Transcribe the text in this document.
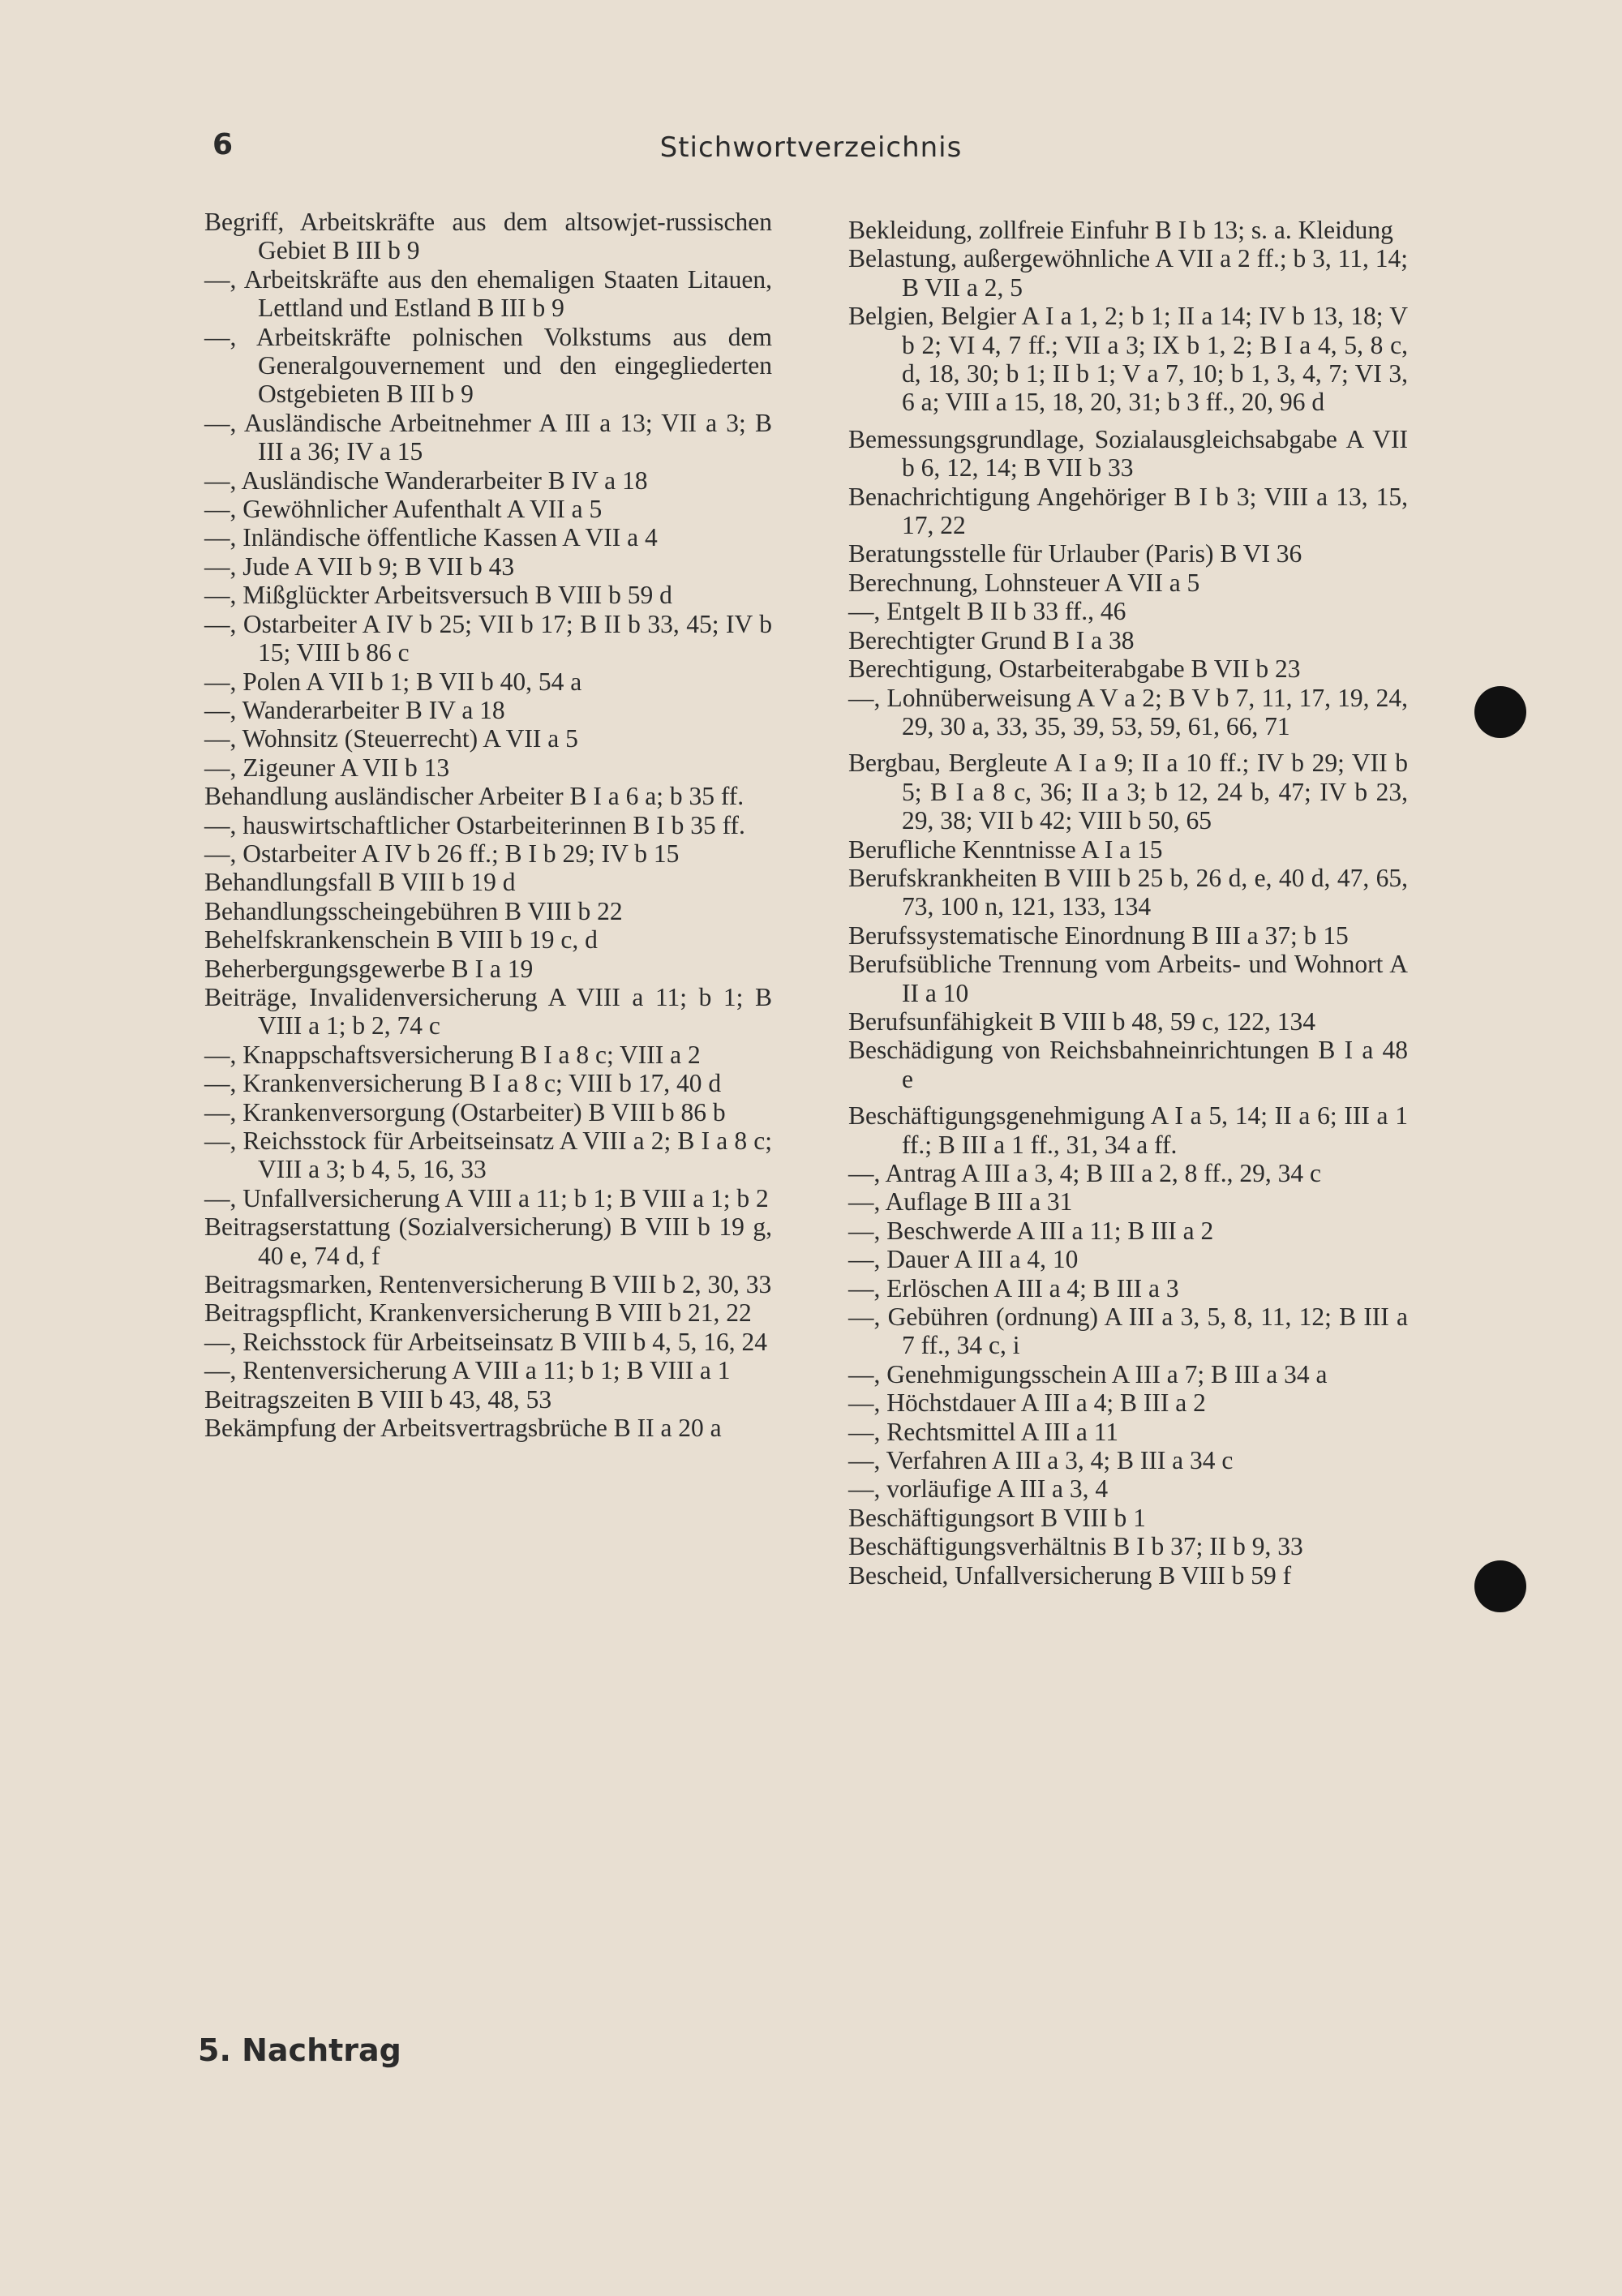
6	Stichwortverzeichnis

Begriff, Arbeitskräfte aus dem altsowjet-russischen Gebiet B III b 9

—, Arbeitskräfte aus den ehemaligen Staaten Litauen, Lettland und Estland B III b 9

—, Arbeitskräfte polnischen Volkstums aus dem Generalgouvernement und den eingegliederten Ostgebieten B III b 9

—, Ausländische Arbeitnehmer A III a 13; VII a 3; B III a 36; IV a 15

—, Ausländische Wanderarbeiter B IV a 18

—, Gewöhnlicher Aufenthalt A VII a 5

—, Inländische öffentliche Kassen A VII a 4

—, Jude A VII b 9; B VII b 43

—, Mißglückter Arbeitsversuch B VIII b 59 d

—, Ostarbeiter A IV b 25; VII b 17; B II b 33, 45; IV b 15; VIII b 86 c

—, Polen A VII b 1; B VII b 40, 54 a

—, Wanderarbeiter B IV a 18

—, Wohnsitz (Steuerrecht) A VII a 5

—, Zigeuner A VII b 13

Behandlung ausländischer Arbeiter B I a 6 a; b 35 ff.

—, hauswirtschaftlicher Ostarbeiterinnen B I b 35 ff.

—, Ostarbeiter A IV b 26 ff.; B I b 29; IV b 15

Behandlungsfall B VIII b 19 d

Behandlungsscheingebühren B VIII b 22

Behelfskrankenschein B VIII b 19 c, d

Beherbergungsgewerbe B I a 19

Beiträge, Invalidenversicherung A VIII a 11; b 1; B VIII a 1; b 2, 74 c

—, Knappschaftsversicherung B I a 8 c; VIII a 2

—, Krankenversicherung B I a 8 c; VIII b 17, 40 d

—, Krankenversorgung (Ostarbeiter) B VIII b 86 b

—, Reichsstock für Arbeitseinsatz A VIII a 2; B I a 8 c; VIII a 3; b 4, 5, 16, 33

—, Unfallversicherung A VIII a 11; b 1; B VIII a 1; b 2

Beitragserstattung (Sozialversicherung) B VIII b 19 g, 40 e, 74 d, f

Beitragsmarken, Rentenversicherung B VIII b 2, 30, 33

Beitragspflicht, Krankenversicherung B VIII b 21, 22

—, Reichsstock für Arbeitseinsatz B VIII b 4, 5, 16, 24

—, Rentenversicherung A VIII a 11; b 1; B VIII a 1

Beitragszeiten B VIII b 43, 48, 53

Bekämpfung der Arbeitsvertragsbrüche B II a 20 a

Bekleidung, zollfreie Einfuhr B I b 13; s. a. Kleidung

Belastung, außergewöhnliche A VII a 2 ff.; b 3, 11, 14; B VII a 2, 5

Belgien, Belgier A I a 1, 2; b 1; II a 14; IV b 13, 18; V b 2; VI 4, 7 ff.; VII a 3; IX b 1, 2; B I a 4, 5, 8 c, d, 18, 30; b 1; II b 1; V a 7, 10; b 1, 3, 4, 7; VI 3, 6 a; VIII a 15, 18, 20, 31; b 3 ff., 20, 96 d

Bemessungsgrundlage, Sozialausgleichsabgabe A VII b 6, 12, 14; B VII b 33

Benachrichtigung Angehöriger B I b 3; VIII a 13, 15, 17, 22

Beratungsstelle für Urlauber (Paris) B VI 36

Berechnung, Lohnsteuer A VII a 5

—, Entgelt B II b 33 ff., 46

Berechtigter Grund B I a 38

Berechtigung, Ostarbeiterabgabe B VII b 23

—, Lohnüberweisung A V a 2; B V b 7, 11, 17, 19, 24, 29, 30 a, 33, 35, 39, 53, 59, 61, 66, 71

Bergbau, Bergleute A I a 9; II a 10 ff.; IV b 29; VII b 5; B I a 8 c, 36; II a 3; b 12, 24 b, 47; IV b 23, 29, 38; VII b 42; VIII b 50, 65

Berufliche Kenntnisse A I a 15

Berufskrankheiten B VIII b 25 b, 26 d, e, 40 d, 47, 65, 73, 100 n, 121, 133, 134

Berufssystematische Einordnung B III a 37; b 15

Berufsübliche Trennung vom Arbeits- und Wohnort A II a 10

Berufsunfähigkeit B VIII b 48, 59 c, 122, 134

Beschädigung von Reichsbahneinrichtungen B I a 48 e

Beschäftigungsgenehmigung A I a 5, 14; II a 6; III a 1 ff.; B III a 1 ff., 31, 34 a ff.

—, Antrag A III a 3, 4; B III a 2, 8 ff., 29, 34 c

—, Auflage B III a 31

—, Beschwerde A III a 11; B III a 2

—, Dauer A III a 4, 10

—, Erlöschen A III a 4; B III a 3

—, Gebühren (ordnung) A III a 3, 5, 8, 11, 12; B III a 7 ff., 34 c, i

—, Genehmigungsschein A III a 7; B III a 34 a

—, Höchstdauer A III a 4; B III a 2

—, Rechtsmittel A III a 11

—, Verfahren A III a 3, 4; B III a 34 c

—, vorläufige A III a 3, 4

Beschäftigungsort B VIII b 1

Beschäftigungsverhältnis B I b 37; II b 9, 33

Bescheid, Unfallversicherung B VIII b 59 f

5. Nachtrag
